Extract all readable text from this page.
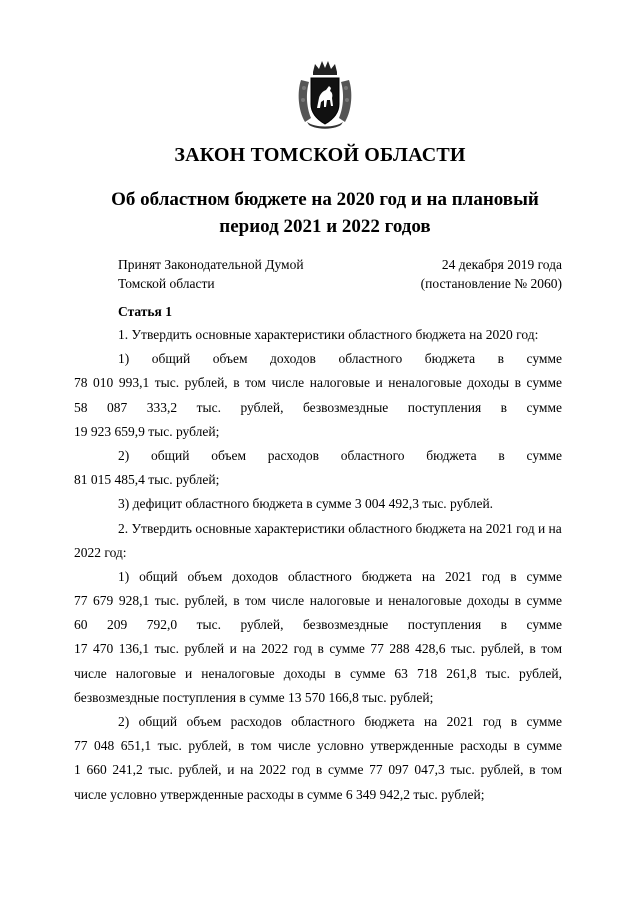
ЗАКОН ТОМСКОЙ ОБЛАСТИ
Об областном бюджете на 2020 год и на плановый
период 2021 и 2022 годов
Принят Законодательной Думой
Томской области
24 декабря 2019 года
(постановление № 2060)
Статья 1
1. Утвердить основные характеристики областного бюджета на 2020 год:
1) общий объем доходов областного бюджета в сумме
78 010 993,1 тыс. рублей, в том числе налоговые и неналоговые доходы в сумме
58 087 333,2 тыс. рублей, безвозмездные поступления в сумме
19 923 659,9 тыс. рублей;
2) общий объем расходов областного бюджета в сумме
81 015 485,4 тыс. рублей;
3) дефицит областного бюджета в сумме 3 004 492,3 тыс. рублей.
2. Утвердить основные характеристики областного бюджета на 2021 год и на
2022 год:
1) общий объем доходов областного бюджета на 2021 год в сумме
77 679 928,1 тыс. рублей, в том числе налоговые и неналоговые доходы в сумме
60 209 792,0 тыс. рублей, безвозмездные поступления в сумме
17 470 136,1 тыс. рублей и на 2022 год в сумме 77 288 428,6 тыс. рублей, в том
числе налоговые и неналоговые доходы в сумме 63 718 261,8 тыс. рублей,
безвозмездные поступления в сумме 13 570 166,8 тыс. рублей;
2) общий объем расходов областного бюджета на 2021 год в сумме
77 048 651,1 тыс. рублей, в том числе условно утвержденные расходы в сумме
1 660 241,2 тыс. рублей, и на 2022 год в сумме 77 097 047,3 тыс. рублей, в том
числе условно утвержденные расходы в сумме 6 349 942,2 тыс. рублей;
